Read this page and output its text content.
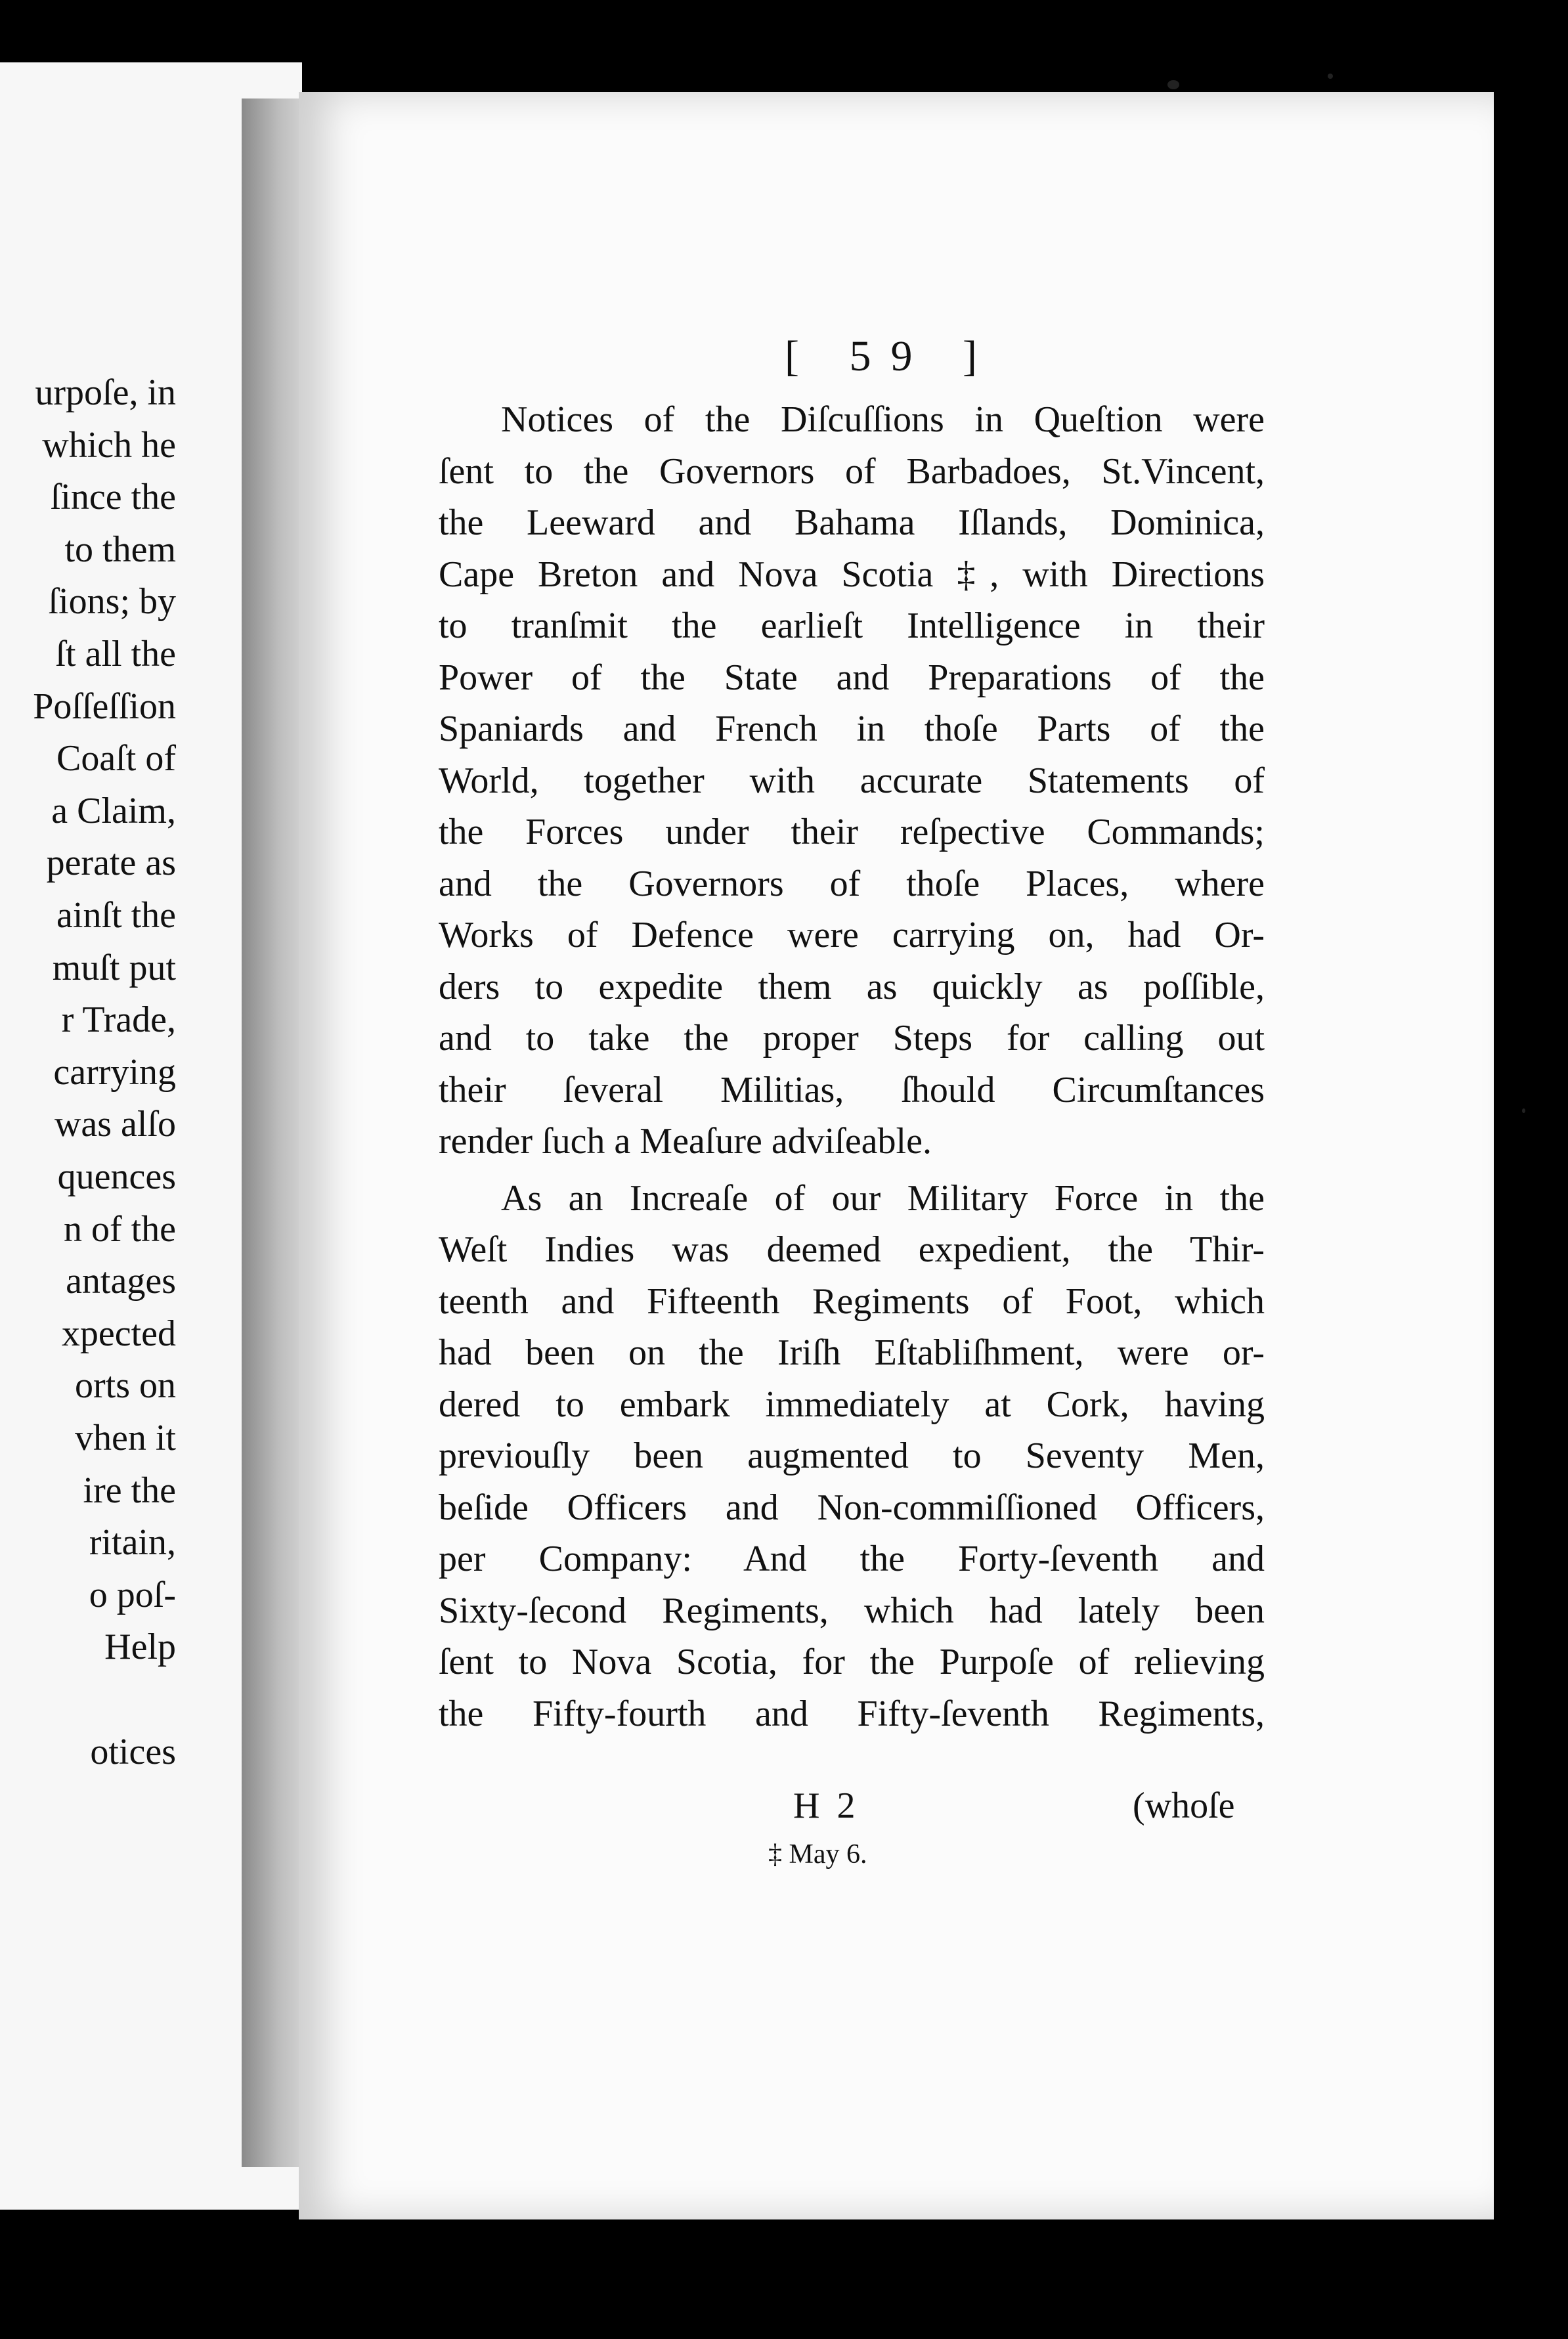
urpoſe, in
which he
ſince the
to them
ſions; by
ſt all the
Poſſeſſion
Coaſt of
a Claim,
perate as
ainſt the
muſt put
r Trade,
carrying
was alſo
quences
n of the
antages
xpected
orts on
vhen it
ire the
ritain,
o poſ-
Help
otices
[ 59 ]
Notices of the Diſcuſſions in Queſtion were
ſent to the Governors of Barbadoes, St.Vincent,
the Leeward and Bahama Iſlands, Dominica,
Cape Breton and Nova Scotia ‡, with Directions
to tranſmit the earlieſt Intelligence in their
Power of the State and Preparations of the
Spaniards and French in thoſe Parts of the
World, together with accurate Statements of
the Forces under their reſpective Commands;
and the Governors of thoſe Places, where
Works of Defence were carrying on, had Or-
ders to expedite them as quickly as poſſible,
and to take the proper Steps for calling out
their ſeveral Militias, ſhould Circumſtances
render ſuch a Meaſure adviſeable.
As an Increaſe of our Military Force in the
Weſt Indies was deemed expedient, the Thir-
teenth and Fifteenth Regiments of Foot, which
had been on the Iriſh Eſtabliſhment, were or-
dered to embark immediately at Cork, having
previouſly been augmented to Seventy Men,
beſide Officers and Non-commiſſioned Officers,
per Company: And the Forty-ſeventh and
Sixty-ſecond Regiments, which had lately been
ſent to Nova Scotia, for the Purpoſe of relieving
the Fifty-fourth and Fifty-ſeventh Regiments,
H 2	(whoſe
‡ May 6.
